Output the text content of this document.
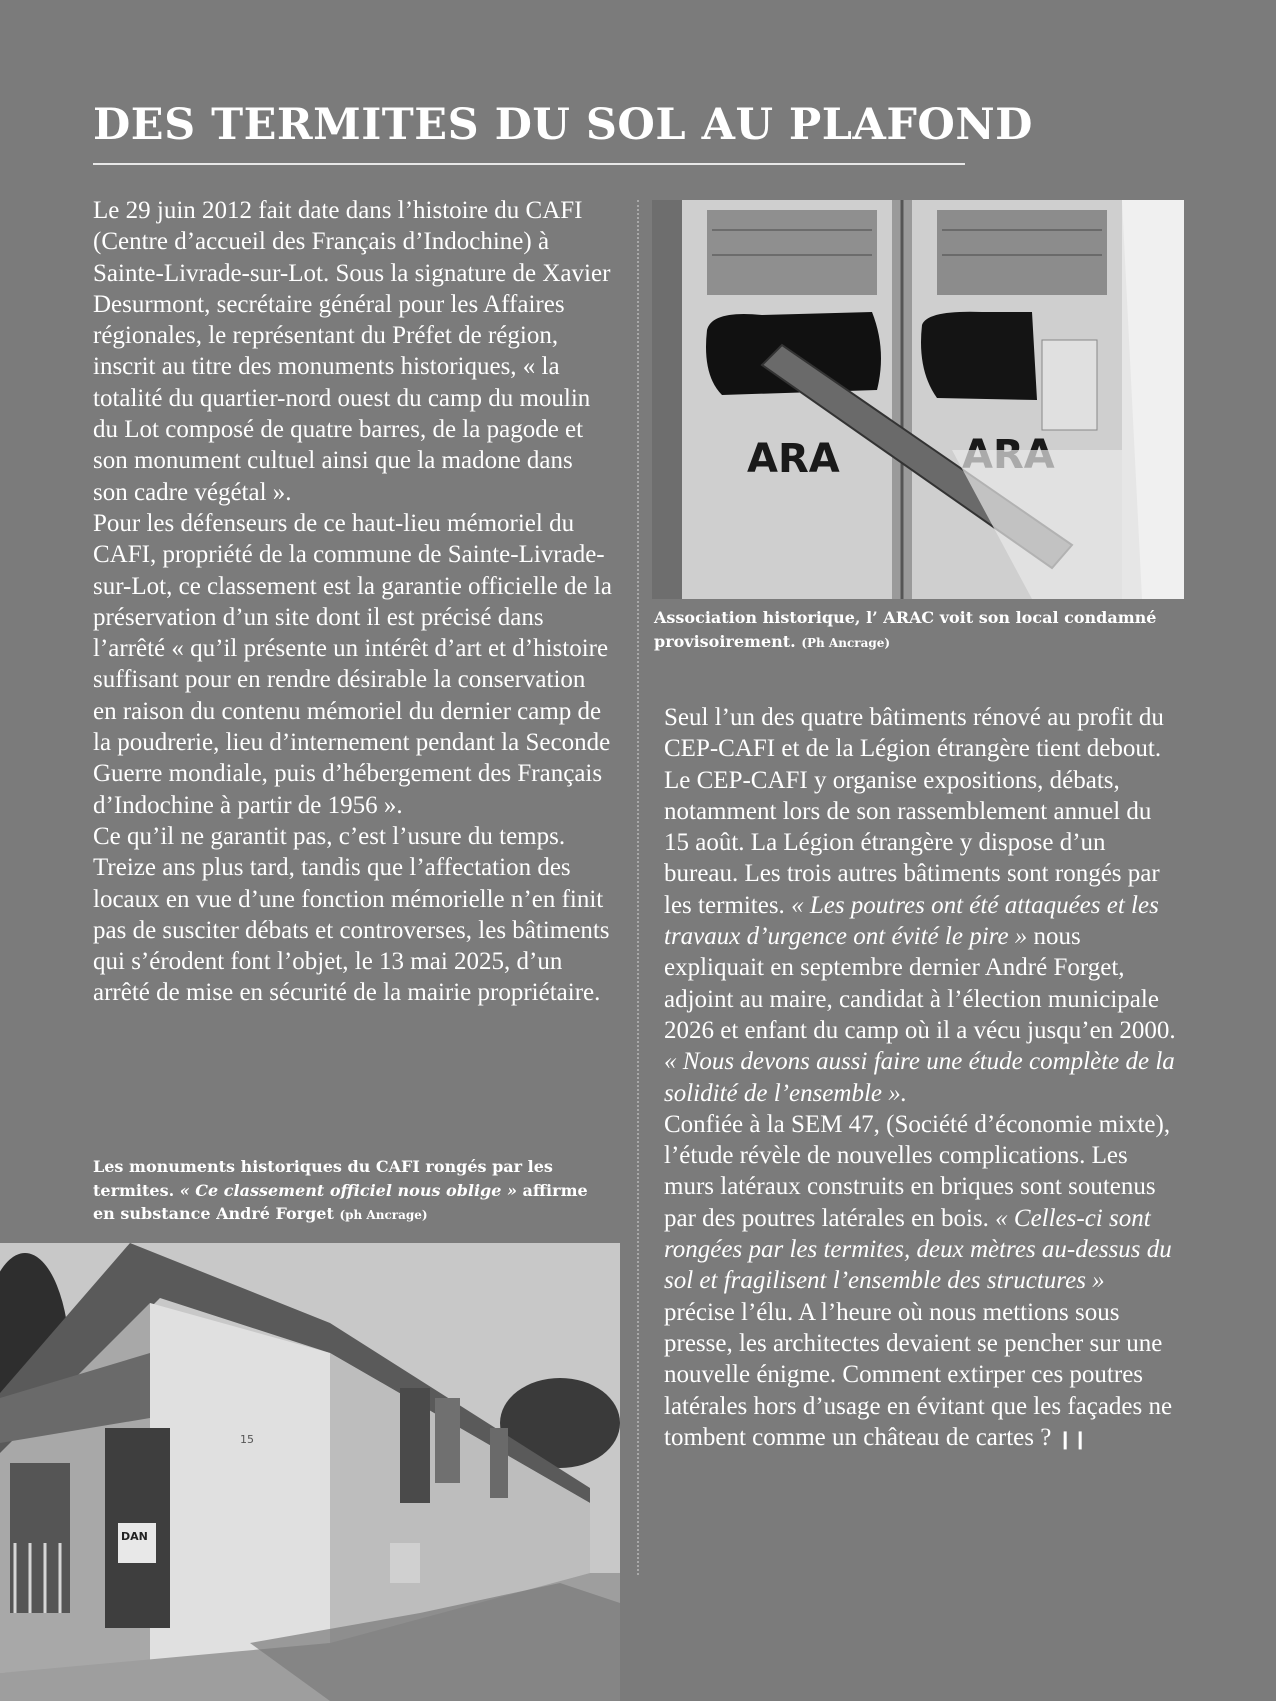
DES TERMITES DU SOL AU PLAFOND

Le 29 juin 2012 fait date dans l’histoire du CAFI (Centre d’accueil des Français d’Indochine) à Sainte-Livrade-sur-Lot. Sous la signature de Xavier Desurmont, secrétaire général pour les Affaires régionales, le représentant du Préfet de région, inscrit au titre des monuments historiques, « la totalité du quartier-nord ouest du camp du moulin du Lot composé de quatre barres, de la pagode et son monument cultuel ainsi que la madone dans son cadre végétal ».

Pour les défenseurs de ce haut-lieu mémoriel du CAFI, propriété de la commune de Sainte-Livrade-sur-Lot, ce classement est la garantie officielle de la préservation d’un site dont il est précisé dans l’arrêté « qu’il présente un intérêt d’art et d’histoire suffisant pour en rendre désirable la conservation en raison du contenu mémoriel du dernier camp de la poudrerie, lieu d’internement pendant la Seconde Guerre mondiale, puis d’hébergement des Français d’Indochine à partir de 1956 ».

Ce qu’il ne garantit pas, c’est l’usure du temps. Treize ans plus tard, tandis que l’affectation des locaux en vue d’une fonction mémorielle n’en finit pas de susciter débats et controverses, les bâtiments qui s’érodent font l’objet, le 13 mai 2025, d’un arrêté de mise en sécurité de la mairie propriétaire.

ARA
Association historique, l’ ARAC voit son local condamné provisoirement. (Ph Ancrage)

Seul l’un des quatre bâtiments rénové au profit du CEP-CAFI et de la Légion étrangère tient debout. Le CEP-CAFI y organise expositions, débats, notamment lors de son rassemblement annuel du 15 août. La Légion étrangère y dispose d’un bureau. Les trois autres bâtiments sont rongés par les termites. « Les poutres ont été attaquées et les travaux d’urgence ont évité le pire » nous expliquait en septembre dernier André Forget, adjoint au maire, candidat à l’élection municipale 2026 et enfant du camp où il a vécu jusqu’en 2000.

« Nous devons aussi faire une étude complète de la solidité de l’ensemble ».

Confiée à la SEM 47, (Société d’économie mixte), l’étude révèle de nouvelles complications. Les murs latéraux construits en briques sont soutenus par des poutres latérales en bois. « Celles-ci sont rongées par les termites, deux mètres au-dessus du sol et fragilisent l’ensemble des structures » précise l’élu. A l’heure où nous mettions sous presse, les architectes devaient se pencher sur une nouvelle énigme. Comment extirper ces poutres latérales hors d’usage en évitant que les façades ne tombent comme un château de cartes ? ❙❙

Les monuments historiques du CAFI rongés par les termites. « Ce classement officiel nous oblige » affirme en substance André Forget (ph Ancrage)
DAN
15
